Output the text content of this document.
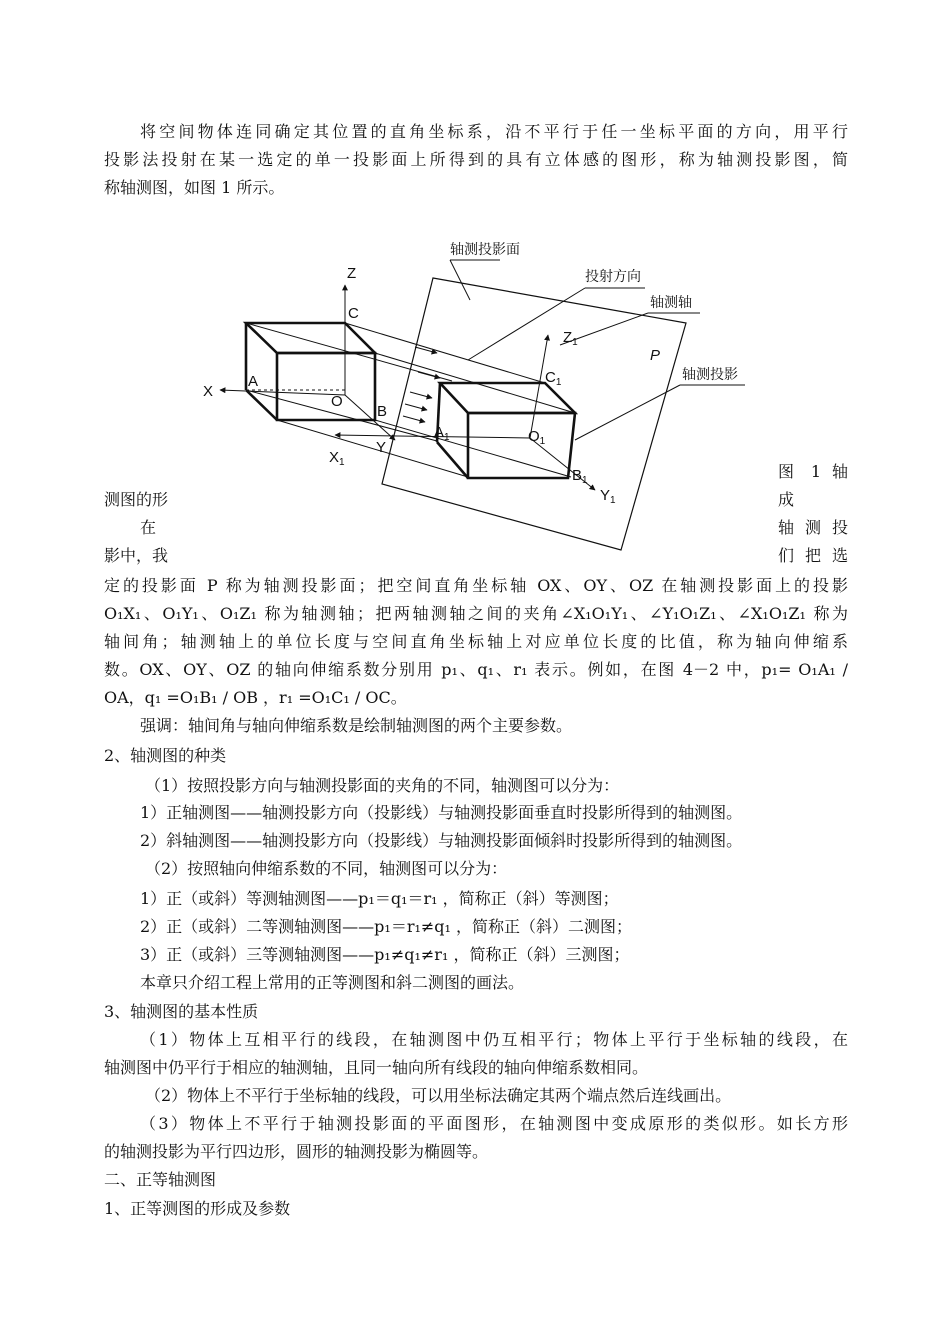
将空间物体连同确定其位置的直角坐标系，沿不平行于任一坐标平面的方向，用平行
投影法投射在某一选定的单一投影面上所得到的具有立体感的图形，称为轴测投影图，简
称轴测图，如图 1 所示。
轴测投影面
投射方向
轴测轴
轴测投影
P
Z
C
X
A
O
B
Y
$X_1$
$Z_1$
$C_1$
$A_1$	$O_1$
$B_1$
$Y_1$
图 1 轴
成
轴 测 投
们 把 选
测图的形
在
影中，我
定的投影面 P 称为轴测投影面；把空间直角坐标轴 OX、OY、OZ 在轴测投影面上的投影
O₁X₁、O₁Y₁、O₁Z₁ 称为轴测轴；把两轴测轴之间的夹角∠X₁O₁Y₁、∠Y₁O₁Z₁、∠X₁O₁Z₁ 称为
轴间角；轴测轴上的单位长度与空间直角坐标轴上对应单位长度的比值，称为轴向伸缩系
数。OX、OY、OZ 的轴向伸缩系数分别用 p₁、q₁、r₁ 表示。例如，在图 4－2 中，p₁= O₁A₁ /
OA，q₁ =O₁B₁ / OB ，r₁ =O₁C₁ / OC。
强调：轴间角与轴向伸缩系数是绘制轴测图的两个主要参数。
2、轴测图的种类
（1）按照投影方向与轴测投影面的夹角的不同，轴测图可以分为：
1）正轴测图——轴测投影方向（投影线）与轴测投影面垂直时投影所得到的轴测图。
2）斜轴测图——轴测投影方向（投影线）与轴测投影面倾斜时投影所得到的轴测图。
（2）按照轴向伸缩系数的不同，轴测图可以分为：
1）正（或斜）等测轴测图——p₁＝q₁＝r₁ ，简称正（斜）等测图；
2）正（或斜）二等测轴测图——p₁＝r₁≠q₁ ，简称正（斜）二测图；
3）正（或斜）三等测轴测图——p₁≠q₁≠r₁ ，简称正（斜）三测图；
本章只介绍工程上常用的正等测图和斜二测图的画法。
3、轴测图的基本性质
（1）物体上互相平行的线段，在轴测图中仍互相平行；物体上平行于坐标轴的线段，在
轴测图中仍平行于相应的轴测轴，且同一轴向所有线段的轴向伸缩系数相同。
（2）物体上不平行于坐标轴的线段，可以用坐标法确定其两个端点然后连线画出。
（3）物体上不平行于轴测投影面的平面图形，在轴测图中变成原形的类似形。如长方形
的轴测投影为平行四边形，圆形的轴测投影为椭圆等。
二、正等轴测图
1、正等测图的形成及参数
